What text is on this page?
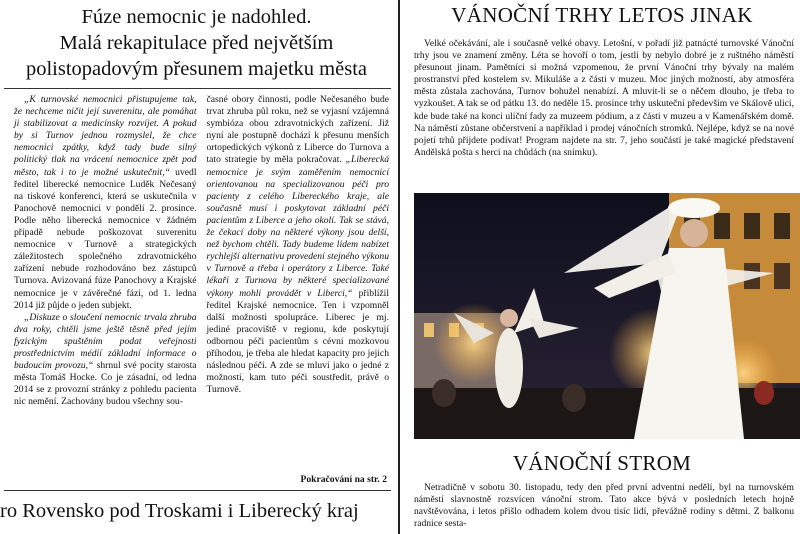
Fúze nemocnic je nadohled.
Malá rekapitulace před největším
polistopadovým přesunem majetku města

„K turnovské nemocnici přistupujeme tak, že nechceme ničit její suverenitu, ale pomáhat ji stabilizovat a medicínsky rozvíjet. A pokud by si Turnov jednou rozmyslel, že chce nemocnici zpátky, když tady bude silný politický tlak na vrácení nemocnice zpět pod město, tak i to je možné uskutečnit,“ uvedl ředitel liberecké nemocnice Luděk Nečesaný na tiskové konferenci, která se uskutečnila v Panochově nemocnici v pondělí 2. prosince. Podle něho liberecká nemocnice v žádném případě nebude poškozovat suverenitu nemocnice v Turnově a strategických záležitostech společného zdravotnického zařízení nebude rozhodováno bez zástupců Turnova. Avizovaná fúze Panochovy a Krajské nemocnice je v závěrečné fázi, od 1. ledna 2014 již půjde o jeden subjekt.

„Diskuze o sloučení nemocnic trvala zhruba dva roky, chtěli jsme ještě těsně před jejím fyzickým spuštěním podat veřejnosti prostřednictvím médií základní informace o budoucím provozu,“ shrnul své pocity starosta města Tomáš Hocke. Co je zásadní, od ledna 2014 se z provozní stránky z pohledu pacienta nic nemění. Zachovány budou všechny sou-

časné obory činnosti, podle Nečesaného bude trvat zhruba půl roku, než se vyjasní vzájemná symbióza obou zdravotnických zařízení. Již nyní ale postupně dochází k přesunu menších ortopedických výkonů z Liberce do Turnova a tato strategie by měla pokračovat. „Liberecká nemocnice je svým zaměřením nemocnicí orientovanou na specializovanou péči pro pacienty z celého Libereckého kraje, ale současně musí i poskytovat základní péči pacientům z Liberce a jeho okolí. Tak se stává, že čekací doby na některé výkony jsou delší, než bychom chtěli. Tady budeme lidem nabízet rychlejší alternativu provedení stejného výkonu v Turnově a třeba i operátory z Liberce. Také lékaři z Turnova by některé specializované výkony mohli provádět v Liberci,“ přiblížil ředitel Krajské nemocnice. Ten i vzpomněl další možnosti spolupráce. Liberec je mj. jediné pracoviště v regionu, kde poskytují odbornou péči pacientům s cévní mozkovou příhodou, je třeba ale hledat kapacity pro jejich následnou péči. A zde se mluví jako o jedné z možností, kam tuto péči soustředit, právě o Turnově.

Pokračování na str. 2
ro Rovensko pod Troskami i Liberecký kraj
VÁNOČNÍ TRHY LETOS JINAK

Velké očekávání, ale i současně velké obavy. Letošní, v pořadí již patnácté turnovské Vánoční trhy jsou ve znamení změny. Léta se hovoří o tom, jestli by nebylo dobré je z ruštného náměstí přesunout jinam. Pamětníci si možná vzpomenou, že první Vánoční trhy bývaly na malém prostranství před kostelem sv. Mikuláše a z části v muzeu. Moc jiných možností, aby atmosféra města zůstala zachována, Turnov bohužel nenabízí. A mluvit-li se o něčem dlouho, je třeba to vyzkoušet. A tak se od pátku 13. do neděle 15. prosince trhy uskuteční především ve Skálově ulici, kde bude také na konci uliční fady za muzeem pódium, a z části v muzeu a v Kamenářském domě. Na náměstí zůstane občerstvení a například i prodej vánočních stromků. Nejlépe, když se na nové pojetí trhů přijdete podívat! Program najdete na str. 7, jeho součástí je také magické představení Andělská pošta s herci na chůdách (na snímku).

VÁNOČNÍ STROM

Netradičně v sobotu 30. listopadu, tedy den před první adventní nedělí, byl na turnovském náměstí slavnostně rozsvícen vánoční strom. Tato akce bývá v posledních letech hojně navštěvována, i letos přišlo odhadem kolem dvou tisíc lidí, převážně rodiny s dětmi. Z balkonu radnice sesta-
